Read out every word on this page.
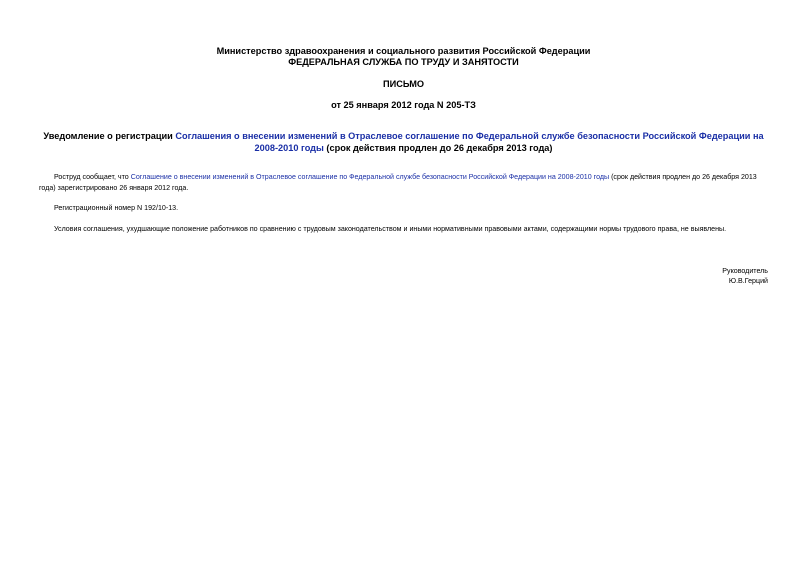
Министерство здравоохранения и социального развития Российской Федерации
ФЕДЕРАЛЬНАЯ СЛУЖБА ПО ТРУДУ И ЗАНЯТОСТИ
ПИСЬМО
от 25 января 2012 года N 205-ТЗ
Уведомление о регистрации Соглашения о внесении изменений в Отраслевое соглашение по Федеральной службе безопасности Российской Федерации на 2008-2010 годы (срок действия продлен до 26 декабря 2013 года)
Роструд сообщает, что Соглашение о внесении изменений в Отраслевое соглашение по Федеральной службе безопасности Российской Федерации на 2008-2010 годы (срок действия продлен до 26 декабря 2013 года) зарегистрировано 26 января 2012 года.
Регистрационный номер N 192/10-13.
Условия соглашения, ухудшающие положение работников по сравнению с трудовым законодательством и иными нормативными правовыми актами, содержащими нормы трудового права, не выявлены.
Руководитель
Ю.В.Герций
